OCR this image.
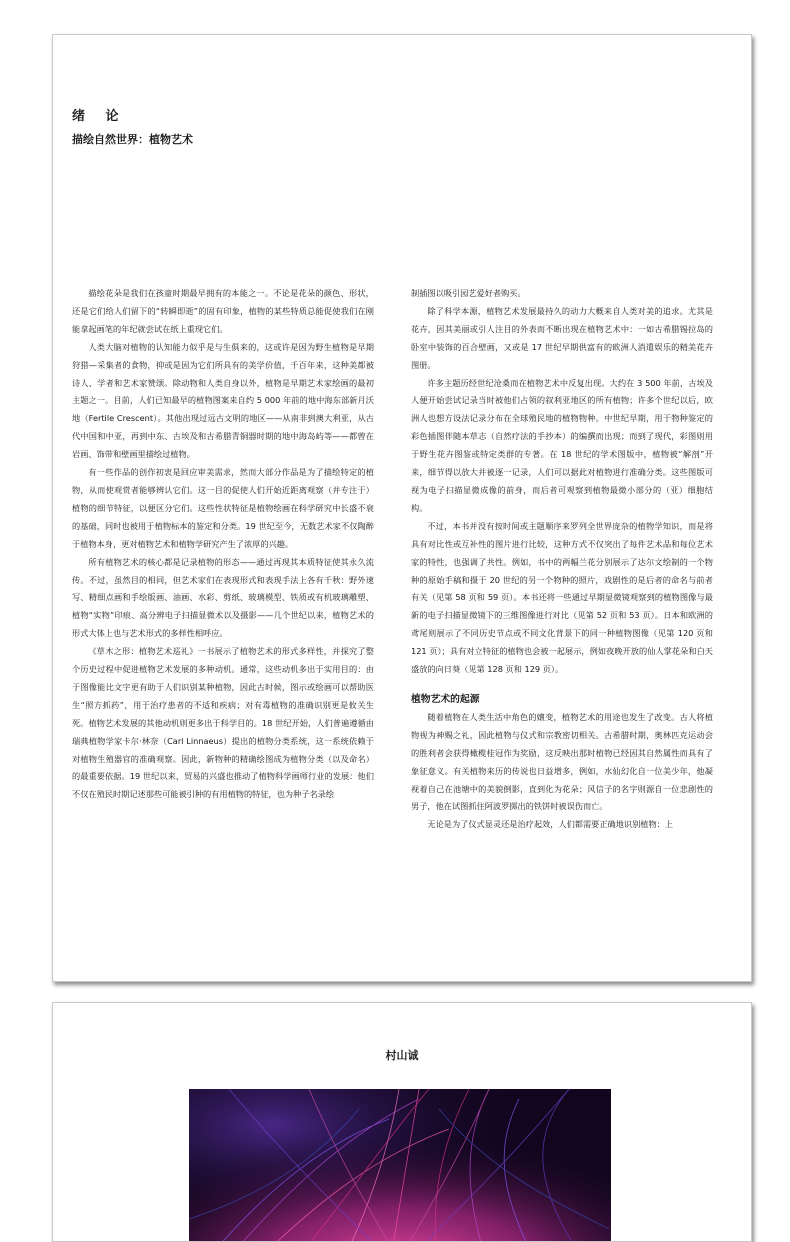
绪 论
描绘自然世界：植物艺术

描绘花朵是我们在孩童时期最早拥有的本能之一。不论是花朵的颜色、形状，还是它们给人们留下的“转瞬即逝”的固有印象，植物的某些特质总能促使我们在刚能拿起画笔的年纪就尝试在纸上重现它们。

人类大脑对植物的认知能力似乎是与生俱来的，这或许是因为野生植物是早期狩猎—采集者的食物，抑或是因为它们所具有的美学价值，千百年来，这种美都被诗人、学者和艺术家赞颂。除动物和人类自身以外，植物是早期艺术家绘画的最初主题之一。目前，人们已知最早的植物图案来自约 5 000 年前的地中海东部新月沃地（Fertile Crescent）。其他出现过远古文明的地区——从南非到澳大利亚，从古代中国和中亚，再到中东、古埃及和古希腊青铜器时期的地中海岛屿等——都曾在岩画、饰带和壁画里描绘过植物。

有一些作品的创作初衷是回应审美需求，然而大部分作品是为了描绘特定的植物，从而使观赏者能够辨认它们。这一目的促使人们开始近距离观察（并专注于）植物的细节特征，以便区分它们。这些性状特征是植物绘画在科学研究中长盛不衰的基础，同时也被用于植物标本的鉴定和分类。19 世纪至今，无数艺术家不仅陶醉于植物本身，更对植物艺术和植物学研究产生了浓厚的兴趣。

所有植物艺术的核心都是记录植物的形态——通过再现其本质特征使其永久流传。不过，虽然目的相同，但艺术家们在表现形式和表现手法上各有千秋：野外速写、精细点画和手绘版画、油画、水彩、剪纸、玻璃模型、铁质或有机玻璃雕塑、植物“实物”印痕、高分辨电子扫描显微术以及摄影——几个世纪以来，植物艺术的形式大体上也与艺术形式的多样性相呼应。

《草木之形：植物艺术巡礼》一书展示了植物艺术的形式多样性，并探究了整个历史过程中促进植物艺术发展的多种动机。通常，这些动机多出于实用目的：由于图像能比文字更有助于人们识别某种植物，因此古时候，图示或绘画可以帮助医生“照方抓药”，用于治疗患者的不适和疾病；对有毒植物的准确识别更是攸关生死。植物艺术发展的其他动机则更多出于科学目的。18 世纪开始，人们普遍遵循由瑞典植物学家卡尔·林奈（Carl Linnaeus）提出的植物分类系统，这一系统依赖于对植物生殖器官的准确观察。因此，新物种的精确绘图成为植物分类（以及命名）的最重要依据。19 世纪以来，贸易的兴盛也推动了植物科学画师行业的发展：他们不仅在殖民时期记述那些可能被引种的有用植物的特征，也为种子名录绘

制插图以吸引园艺爱好者购买。

除了科学本源，植物艺术发展最持久的动力大概来自人类对美的追求。尤其是花卉，因其美丽或引人注目的外表而不断出现在植物艺术中：一如古希腊锡拉岛的卧室中装饰的百合壁画，又或是 17 世纪早期供富有的欧洲人消遣娱乐的精美花卉图册。

许多主题历经世纪沧桑而在植物艺术中反复出现。大约在 3 500 年前，古埃及人便开始尝试记录当时被他们占领的叙利亚地区的所有植物；许多个世纪以后，欧洲人也想方设法记录分布在全球殖民地的植物物种。中世纪早期，用于物种鉴定的彩色插图伴随本草志（自然疗法的手抄本）的编撰而出现；而到了现代，彩图则用于野生花卉图鉴或特定类群的专著。在 18 世纪的学术图版中，植物被“解剖”开来，细节得以放大并被逐一记录，人们可以据此对植物进行准确分类。这些图版可视为电子扫描显微成像的前身，而后者可观察到植物最微小部分的（亚）细胞结构。

不过，本书并没有按时间或主题顺序来罗列全世界庞杂的植物学知识，而是将具有对比性或互补性的图片进行比较，这种方式不仅突出了每件艺术品和每位艺术家的特性，也强调了共性。例如，书中的两幅兰花分别展示了达尔文绘制的一个物种的原始手稿和摄于 20 世纪的另一个物种的照片，戏剧性的是后者的命名与前者有关（见第 58 页和 59 页）。本书还将一些通过早期显微镜观察到的植物图像与最新的电子扫描显微镜下的三维图像进行对比（见第 52 页和 53 页）。日本和欧洲的鸢尾则展示了不同历史节点或不同文化背景下的同一种植物图像（见第 120 页和 121 页）；具有对立特征的植物也会被一起展示，例如夜晚开放的仙人掌花朵和白天盛放的向日葵（见第 128 页和 129 页）。

植物艺术的起源

随着植物在人类生活中角色的嬗变，植物艺术的用途也发生了改变。古人将植物视为神赐之礼，因此植物与仪式和宗教密切相关。古希腊时期，奥林匹克运动会的胜利者会获得橄榄桂冠作为奖励，这反映出那时植物已经因其自然属性而具有了象征意义。有关植物来历的传说也日益增多，例如，水仙幻化自一位美少年，他凝视着自己在池塘中的美貌倒影，直到化为花朵；风信子的名字则源自一位悲剧性的男子，他在试图抓住阿波罗掷出的铁饼时被误伤而亡。

无论是为了仪式显灵还是治疗起效，人们都需要正确地识别植物：上

村山诚
